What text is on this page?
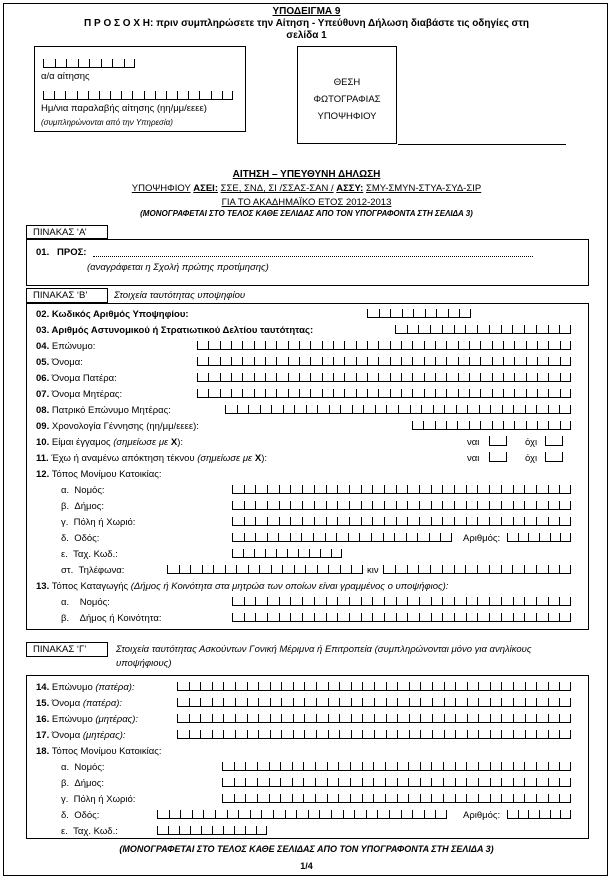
ΥΠΟΔΕΙΓΜΑ 9
Π Ρ Ο Σ Ο Χ Η: πριν συμπληρώσετε την Αίτηση - Υπεύθυνη Δήλωση διαβάστε τις οδηγίες στη
σελίδα 1
α/α αίτησης
Ημ/νια παραλαβής αίτησης (ηη/μμ/εεεε)
(συμπληρώνονται από την Υπηρεσία)
ΘΕΣΗ
ΦΩΤΟΓΡΑΦΙΑΣ
ΥΠΟΨΗΦΙΟΥ
ΑΙΤΗΣΗ – ΥΠΕΥΘΥΝΗ ΔΗΛΩΣΗ
ΥΠΟΨΗΦΙΟΥ ΑΣΕΙ: ΣΣΕ, ΣΝΔ, ΣΙ /ΣΣΑΣ-ΣΑΝ / ΑΣΣΥ: ΣΜΥ-ΣΜΥΝ-ΣΤΥΑ-ΣΥΔ-ΣΙΡ
ΓΙΑ ΤΟ ΑΚΑΔΗΜΑΪΚΟ ΕΤΟΣ 2012-2013
(ΜΟΝΟΓΡΑΦΕΤΑΙ ΣΤΟ ΤΕΛΟΣ ΚΑΘΕ ΣΕΛΙΔΑΣ ΑΠΟ ΤΟΝ ΥΠΟΓΡΑΦΟΝΤΑ ΣΤΗ ΣΕΛΙΔΑ 3)
ΠΙΝΑΚΑΣ ‘Α’
01. ΠΡΟΣ:
(αναγράφεται η Σχολή πρώτης προτίμησης)
ΠΙΝΑΚΑΣ ‘Β’	Στοιχεία ταυτότητας υποψηφίου
02. Κωδικός Αριθμός Υποψηφίου:
03. Αριθμός Αστυνομικού ή Στρατιωτικού Δελτίου ταυτότητας:
04. Επώνυμο:
05. Όνομα:
06. Όνομα Πατέρα:
07. Όνομα Μητέρας:
08. Πατρικό Επώνυμο Μητέρας:
09. Χρονολογία Γέννησης (ηη/μμ/εεεε):
10. Είμαι έγγαμος (σημείωσε με Χ):	ναι	όχι
11. Έχω ή αναμένω απόκτηση τέκνου (σημείωσε με Χ):	ναι	όχι
12. Τόπος Μονίμου Κατοικίας:
α. Νομός:
β. Δήμος:
γ. Πόλη ή Χωριό:
δ. Οδός:	Αριθμός:
ε. Ταχ. Κωδ.:
στ. Τηλέφωνα:	κιν
13. Τόπος Καταγωγής (Δήμος ή Κοινότητα στα μητρώα των οποίων είναι γραμμένος ο υποψήφιος):
α. Νομός:
β. Δήμος ή Κοινότητα:
ΠΙΝΑΚΑΣ ‘Γ’	Στοιχεία ταυτότητας Ασκούντων Γονική Μέριμνα ή Επιτροπεία (συμπληρώνονται μόνο για ανηλίκους
υποψήφιους)
14. Επώνυμο (πατέρα):
15. Όνομα (πατέρα):
16. Επώνυμο (μητέρας):
17. Όνομα (μητέρας):
18. Τόπος Μονίμου Κατοικίας:
α. Νομός:
β. Δήμος:
γ. Πόλη ή Χωριό:
δ. Οδός:	Αριθμός:
ε. Ταχ. Κωδ.:
(ΜΟΝΟΓΡΑΦΕΤΑΙ ΣΤΟ ΤΕΛΟΣ ΚΑΘΕ ΣΕΛΙΔΑΣ ΑΠΟ ΤΟΝ ΥΠΟΓΡΑΦΟΝΤΑ ΣΤΗ ΣΕΛΙΔΑ 3)
1/4
